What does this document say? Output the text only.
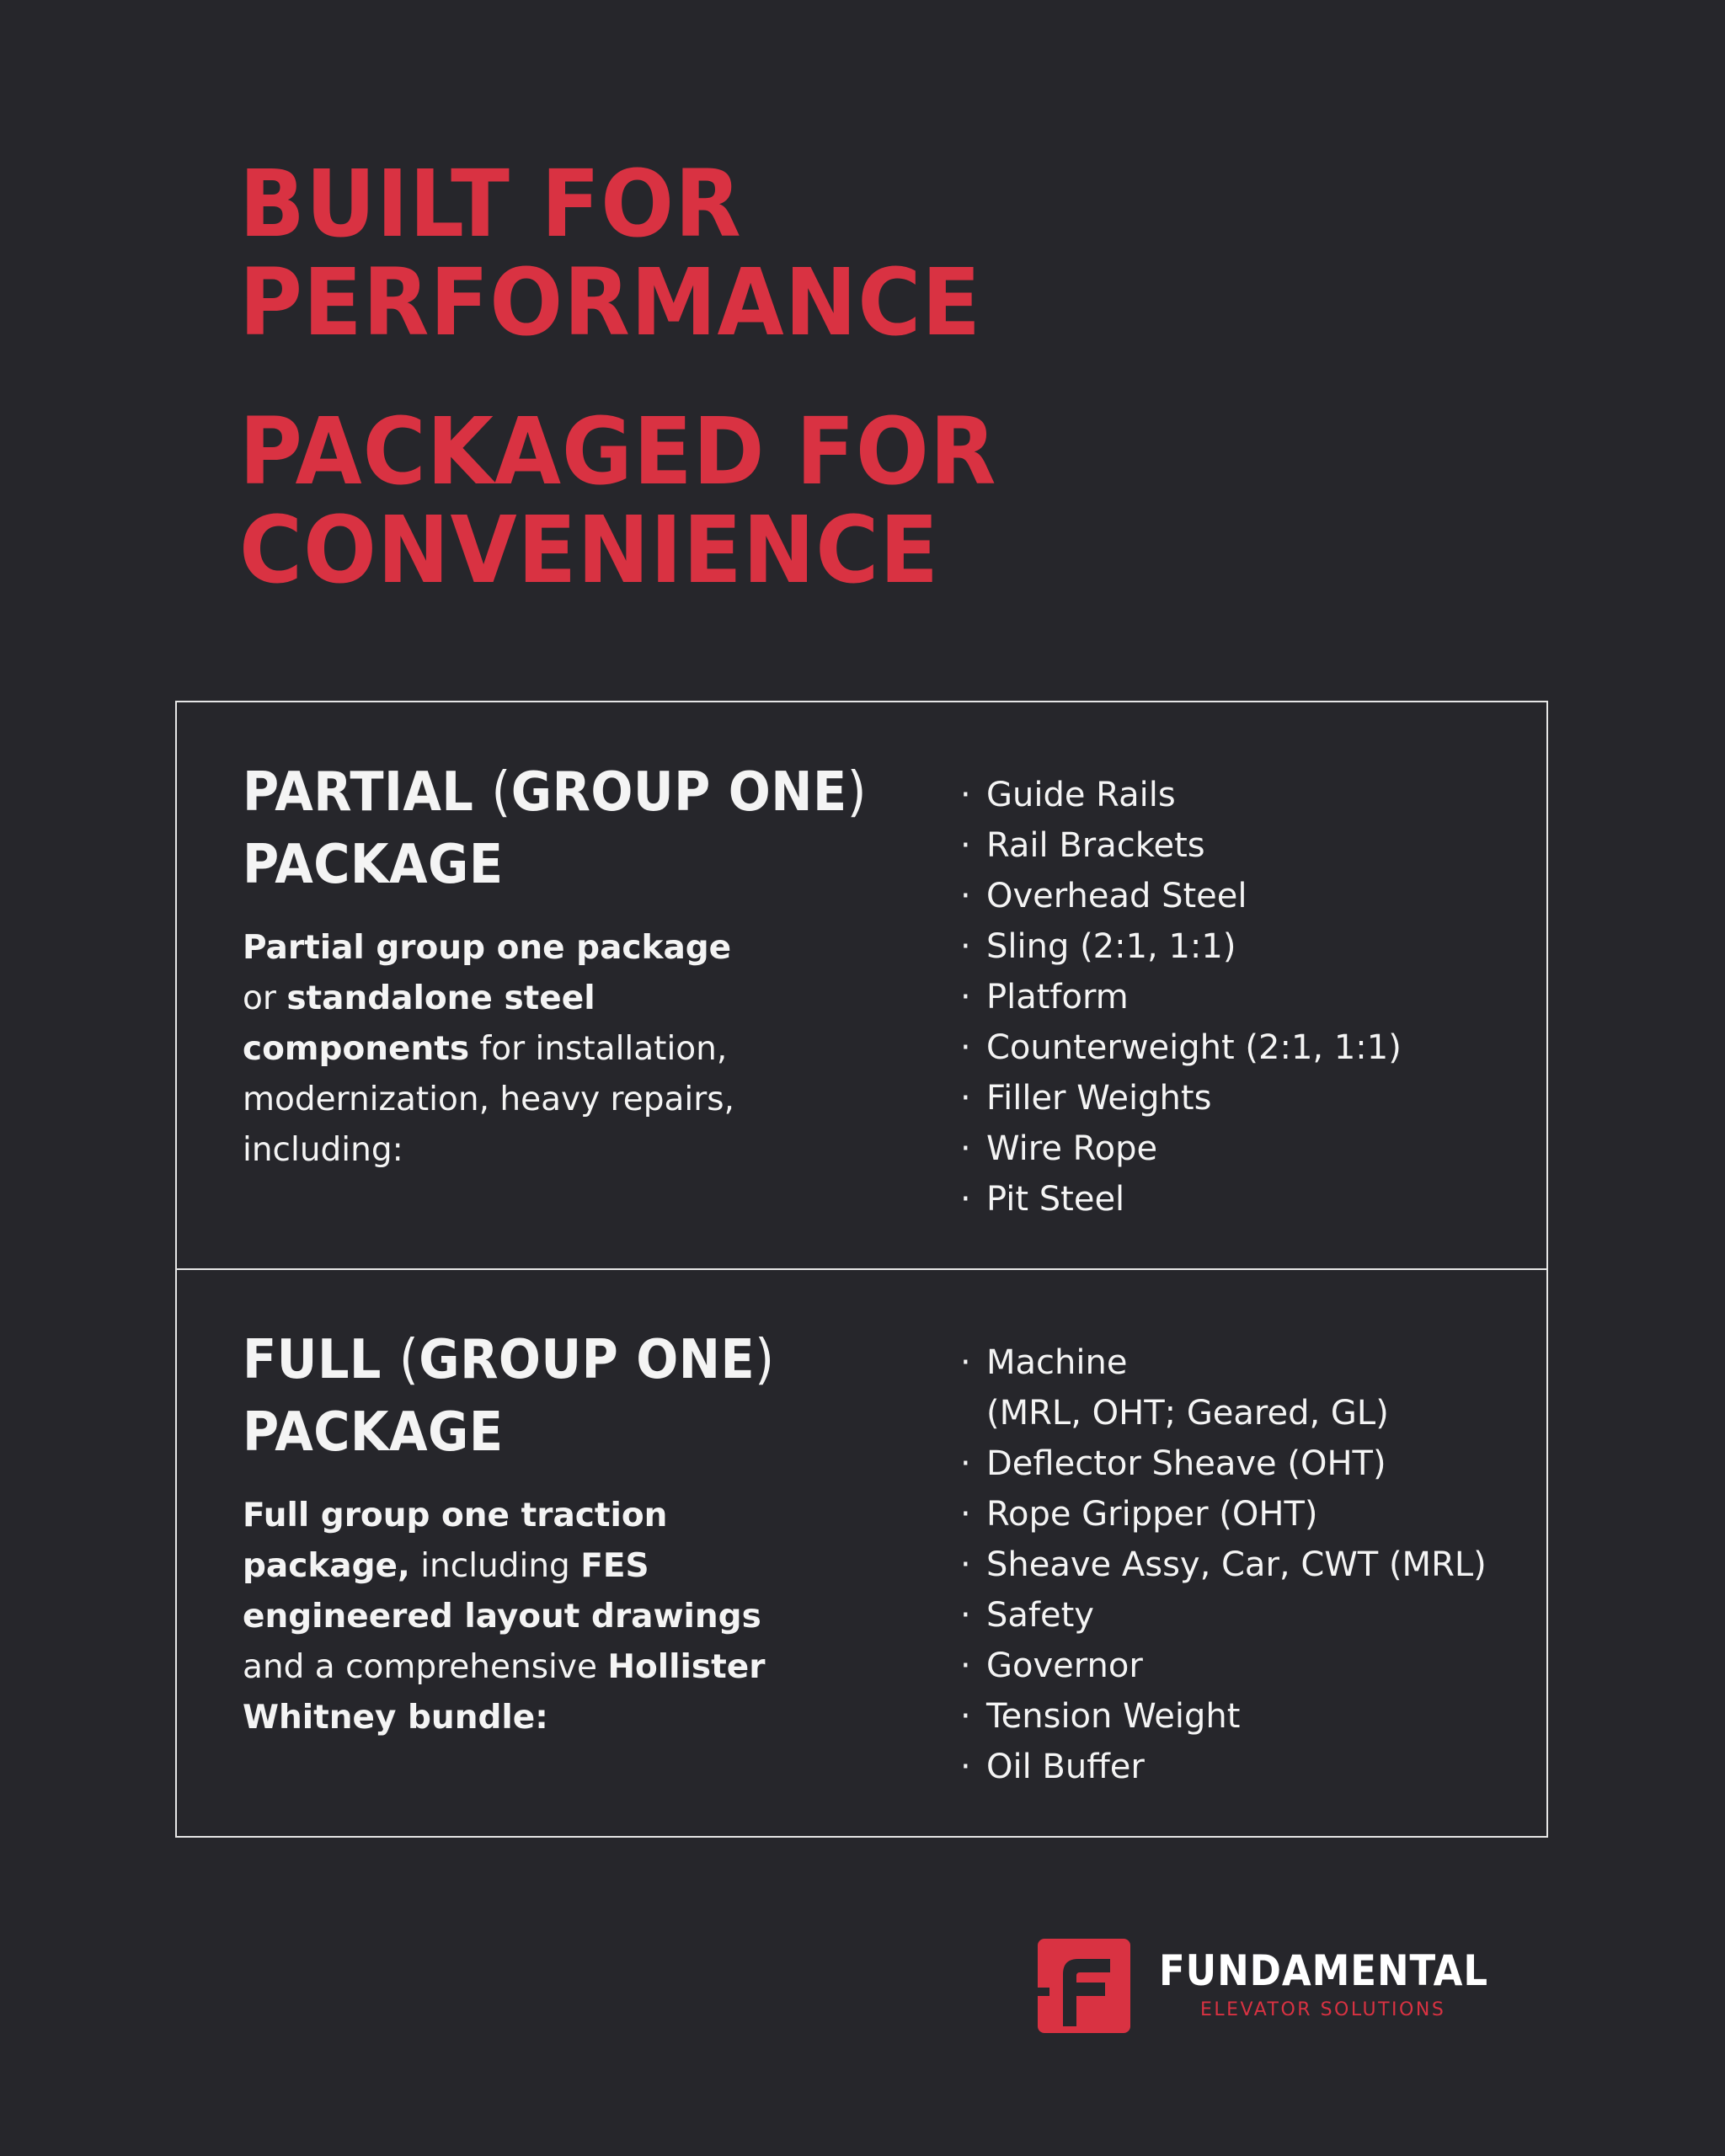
BUILT FOR
PERFORMANCE
PACKAGED FOR
CONVENIENCE
PARTIAL (GROUP ONE)
PACKAGE

Partial group one package
or standalone steel components for installation, modernization, heavy repairs, including:

· Guide Rails
· Rail Brackets
· Overhead Steel
· Sling (2:1, 1:1)
· Platform
· Counterweight (2:1, 1:1)
· Filler Weights
· Wire Rope
· Pit Steel
FULL (GROUP ONE)
PACKAGE

Full group one traction package, including FES engineered layout drawings and a comprehensive Hollister Whitney bundle:

· Machine
(MRL, OHT; Geared, GL)
· Deflector Sheave (OHT)
· Rope Gripper (OHT)
· Sheave Assy, Car, CWT (MRL)
· Safety
· Governor
· Tension Weight
· Oil Buffer
FUNDAMENTAL
ELEVATOR SOLUTIONS
